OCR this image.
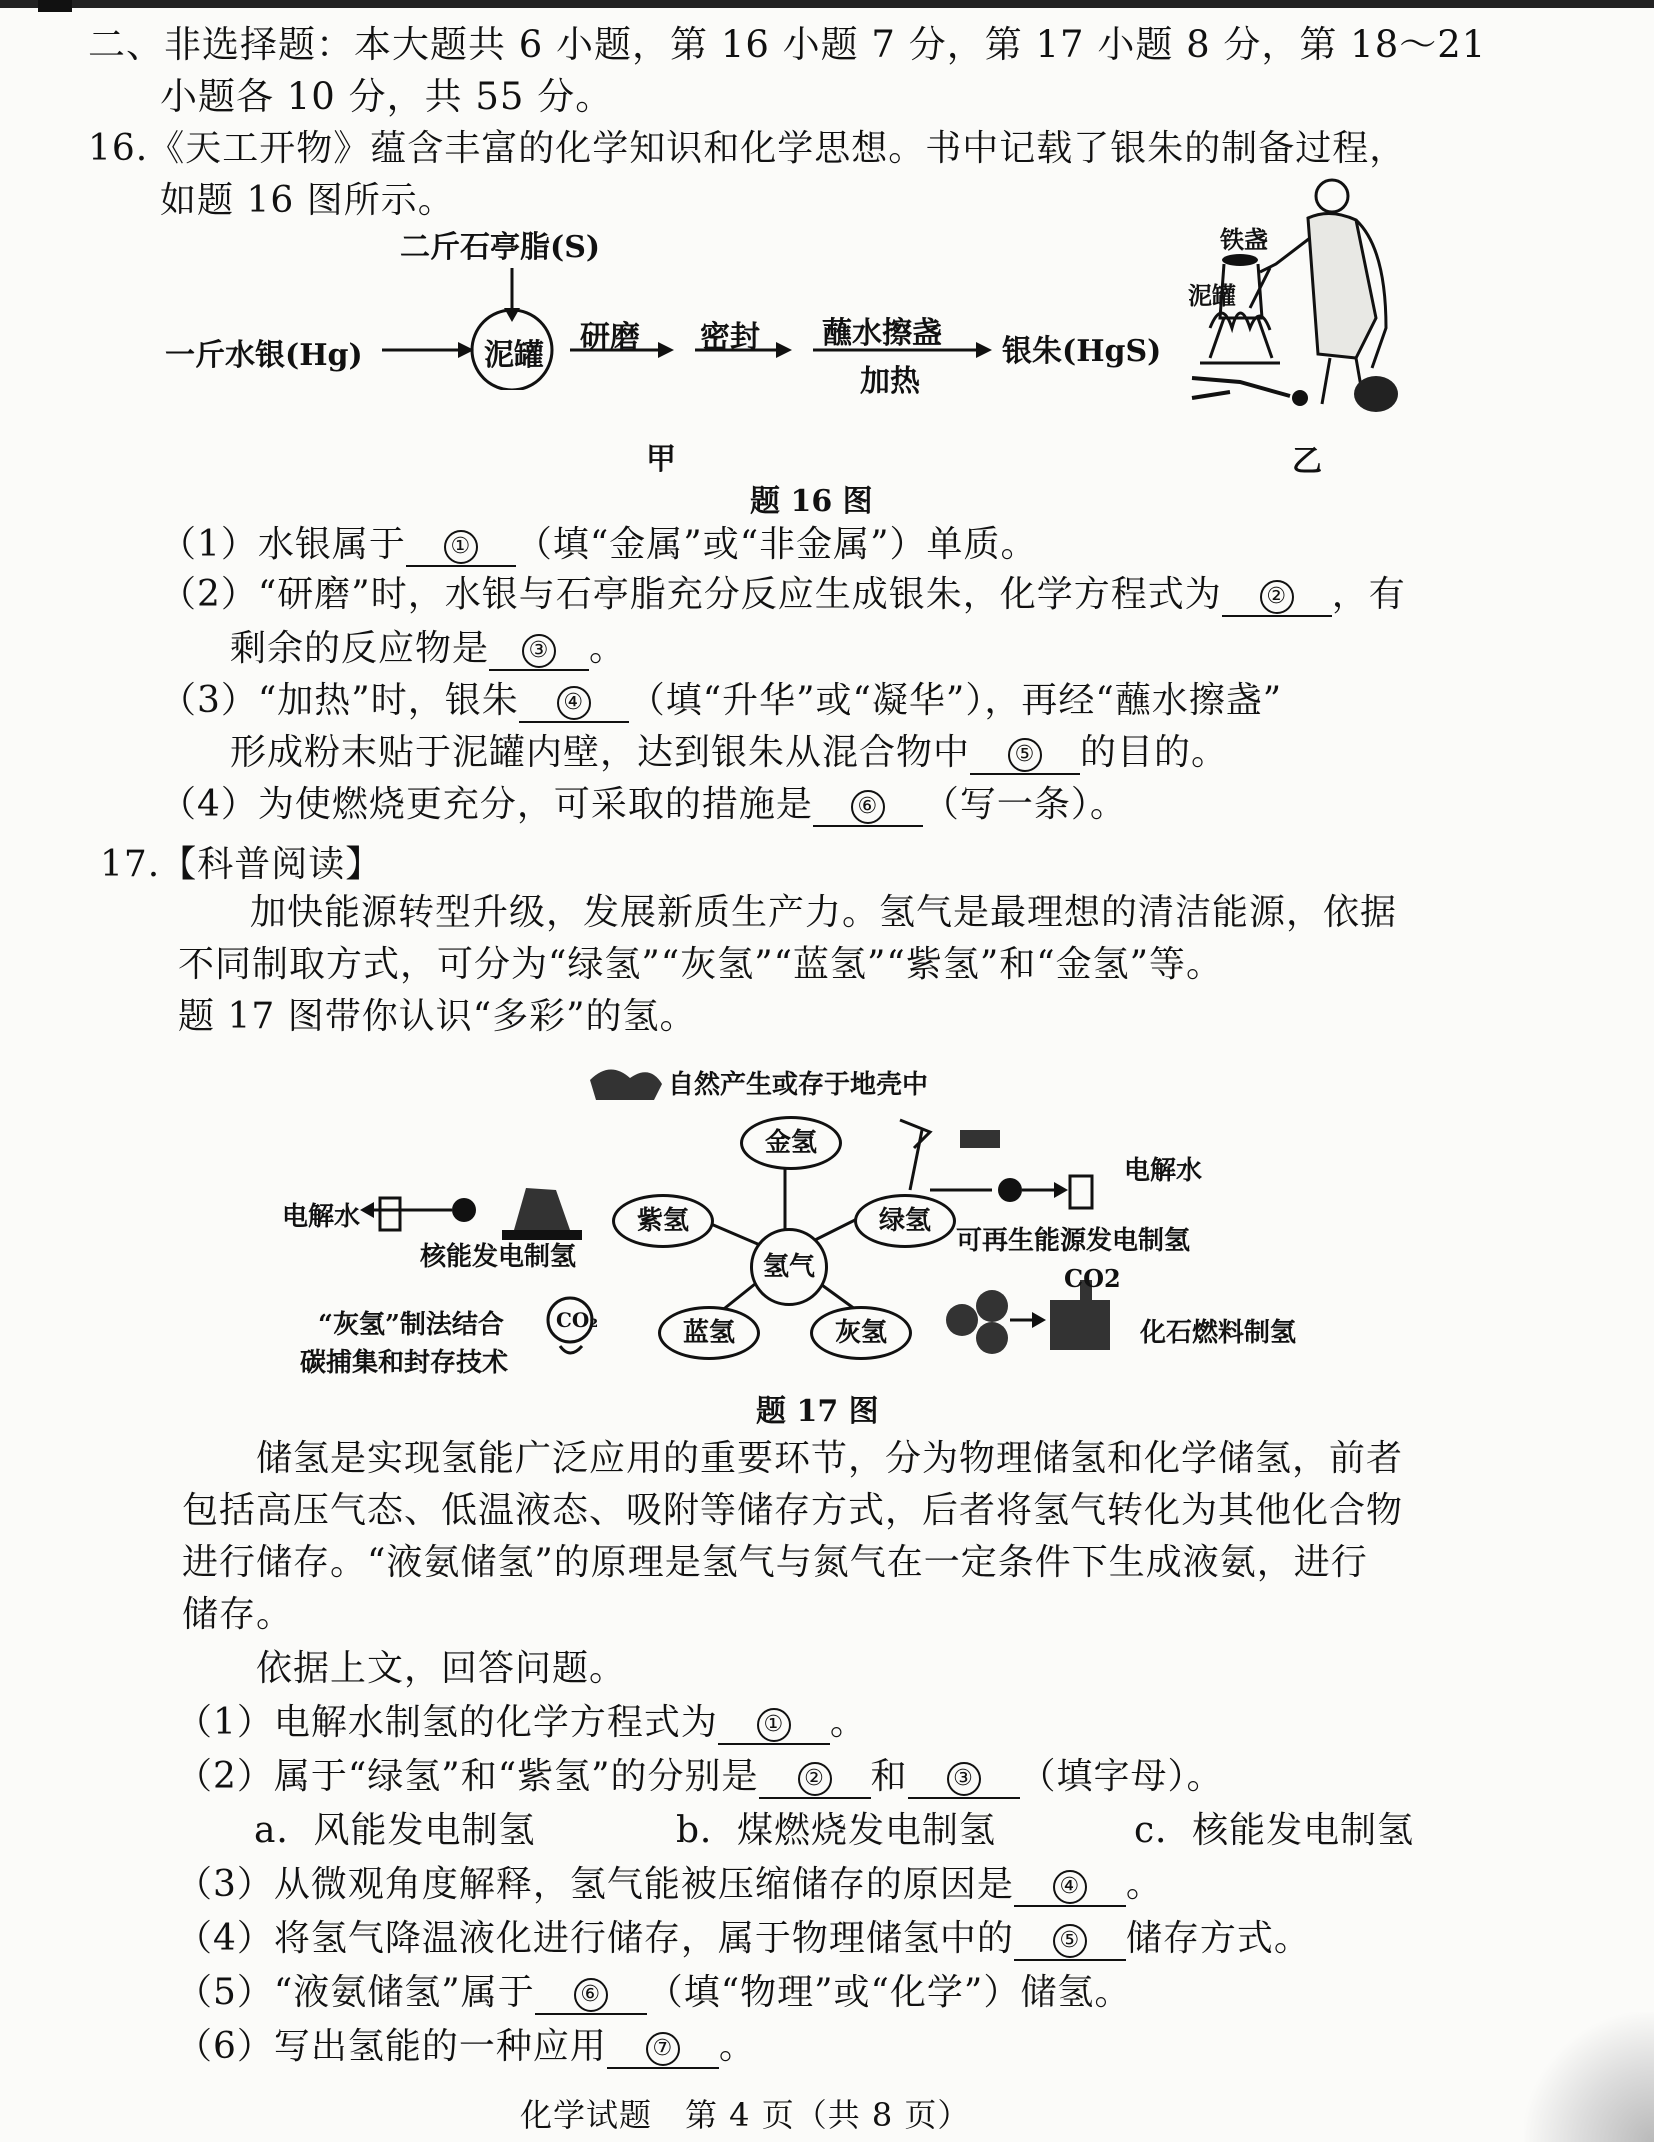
二、非选择题：本大题共 6 小题，第 16 小题 7 分，第 17 小题 8 分，第 18～21
小题各 10 分，共 55 分。
16.《天工开物》蕴含丰富的化学知识和化学思想。书中记载了银朱的制备过程，
如题 16 图所示。
二斤石亭脂(S)
一斤水银(Hg)	泥罐
研磨 密封 蘸水擦盏
加热
银朱(HgS)
甲
铁盏
泥罐
乙
题 16 图
（1）水银属于 ① （填“金属”或“非金属”）单质。
（2）“研磨”时，水银与石亭脂充分反应生成银朱，化学方程式为 ② ，有
剩余的反应物是 ③ 。
（3）“加热”时，银朱 ④ （填“升华”或“凝华”），再经“蘸水擦盏”
形成粉末贴于泥罐内壁，达到银朱从混合物中 ⑤ 的目的。
（4）为使燃烧更充分，可采取的措施是 ⑥ （写一条）。
17.【科普阅读】
加快能源转型升级，发展新质生产力。氢气是最理想的清洁能源，依据
不同制取方式，可分为“绿氢”“灰氢”“蓝氢”“紫氢”和“金氢”等。
题 17 图带你认识“多彩”的氢。
氢气
金氢
紫氢	绿氢
蓝氢	灰氢
自然产生或存于地壳中
核能发电制氢
电解水
可再生能源发电制氢
电解水
化石燃料制氢
“灰氢”制法结合
碳捕集和封存技术
CO₂
CO2
题 17 图
储氢是实现氢能广泛应用的重要环节，分为物理储氢和化学储氢，前者
包括高压气态、低温液态、吸附等储存方式，后者将氢气转化为其他化合物
进行储存。“液氨储氢”的原理是氢气与氮气在一定条件下生成液氨，进行
储存。
依据上文，回答问题。
（1）电解水制氢的化学方程式为 ① 。
（2）属于“绿氢”和“紫氢”的分别是 ② 和 ③ （填字母）。
a．风能发电制氢	b．煤燃烧发电制氢	c．核能发电制氢
（3）从微观角度解释，氢气能被压缩储存的原因是 ④ 。
（4）将氢气降温液化进行储存，属于物理储氢中的 ⑤ 储存方式。
（5）“液氨储氢”属于 ⑥ （填“物理”或“化学”）储氢。
（6）写出氢能的一种应用 ⑦ 。
化学试题　第 4 页（共 8 页）
